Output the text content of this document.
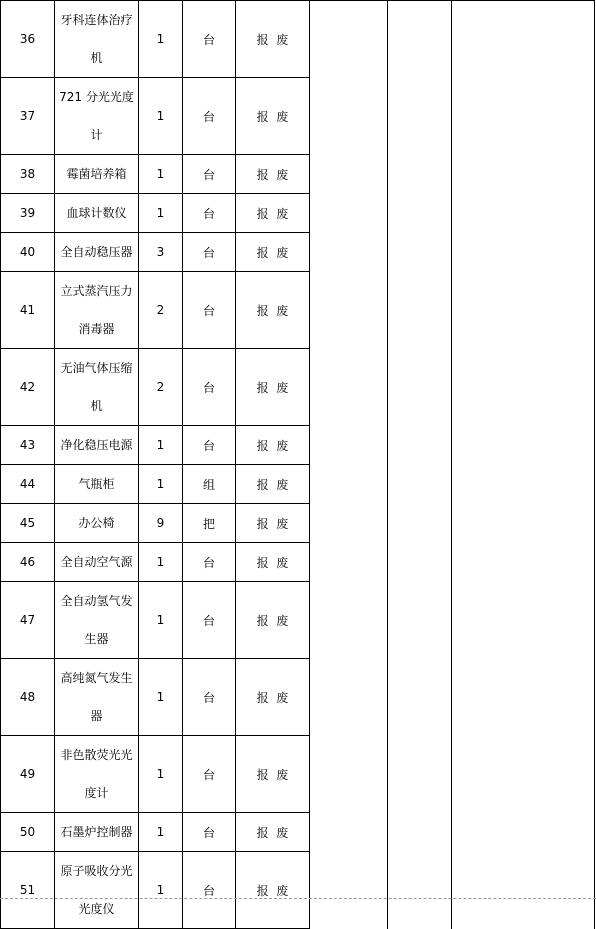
36	牙科连体治疗机	1	台	报  废			
37	721 分光光度计	1	台	报  废			
38	霉菌培养箱	1	台	报  废			
39	血球计数仪	1	台	报  废			
40	全自动稳压器	3	台	报  废			
41	立式蒸汽压力消毒器	2	台	报  废			
42	无油气体压缩机	2	台	报  废			
43	净化稳压电源	1	台	报  废			
44	气瓶柜	1	组	报  废			
45	办公椅	9	把	报  废			
46	全自动空气源	1	台	报  废			
47	全自动氢气发生器	1	台	报  废			
48	高纯氮气发生器	1	台	报  废			
49	非色散荧光光度计	1	台	报  废			
50	石墨炉控制器	1	台	报  废			
51	原子吸收分光光度仪	1	台	报  废			
